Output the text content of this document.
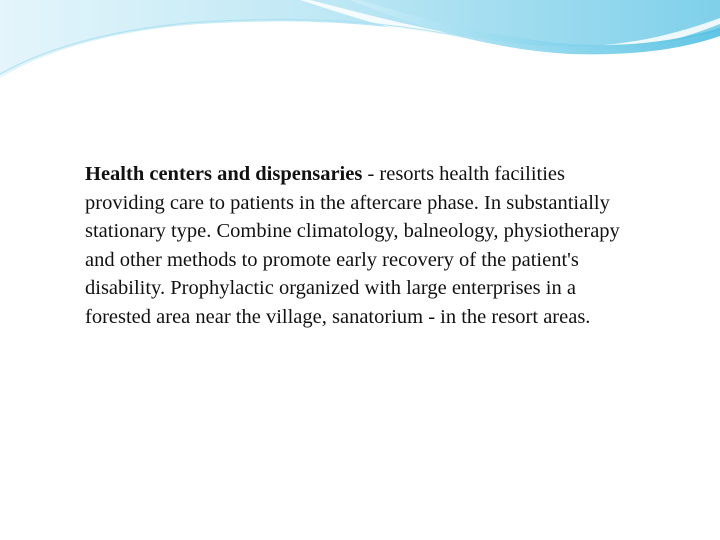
Health centers and dispensaries - resorts health facilities providing care to patients in the aftercare phase. In substantially stationary type. Combine climatology, balneology, physiotherapy and other methods to promote early recovery of the patient's disability. Prophylactic organized with large enterprises in a forested area near the village, sanatorium - in the resort areas.
